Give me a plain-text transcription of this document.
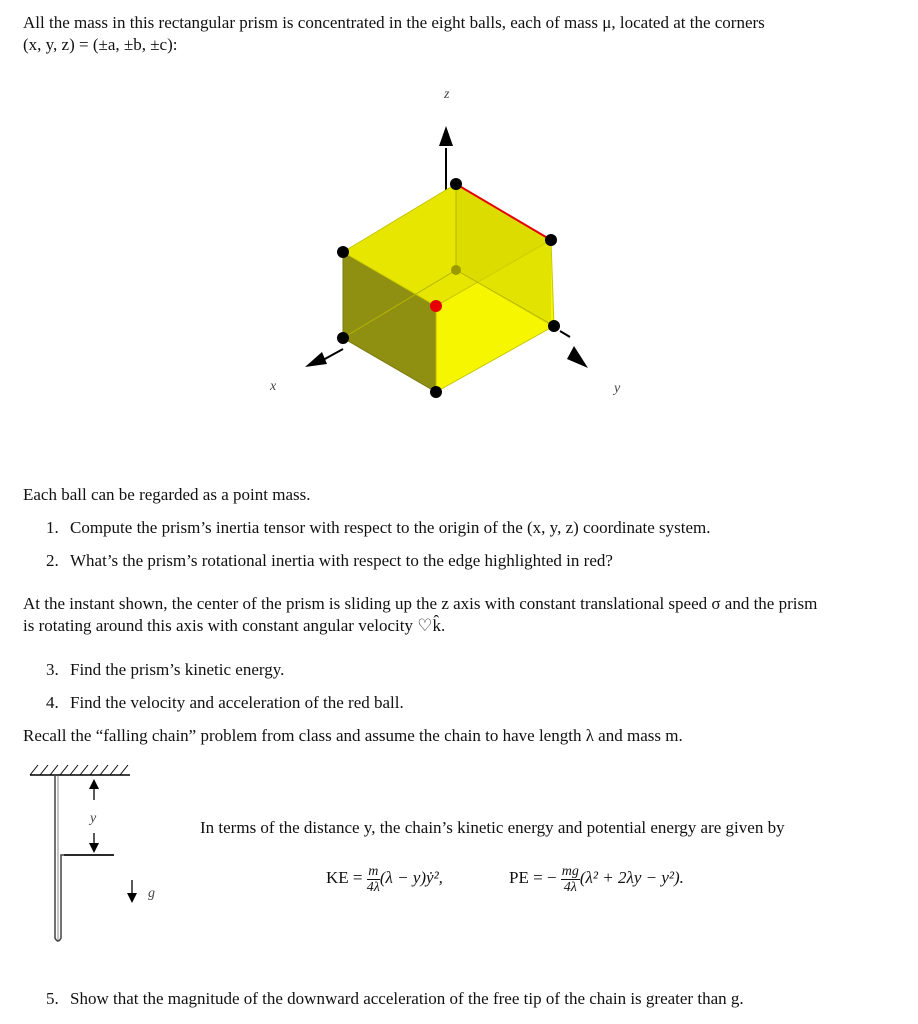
All the mass in this rectangular prism is concentrated in the eight balls, each of mass μ, located at the corners
(x, y, z) = (±a, ±b, ±c):
z
x	y
Each ball can be regarded as a point mass.
1. Compute the prism’s inertia tensor with respect to the origin of the (x, y, z) coordinate system.
2. What’s the prism’s rotational inertia with respect to the edge highlighted in red?
At the instant shown, the center of the prism is sliding up the z axis with constant translational speed σ and the prism
is rotating around this axis with constant angular velocity ♡k̂.
3. Find the prism’s kinetic energy.
4. Find the velocity and acceleration of the red ball.
Recall the “falling chain” problem from class and assume the chain to have length λ and mass m.
y
g
In terms of the distance y, the chain’s kinetic energy and potential energy are given by
KE = $\frac{m}{4\lambda} (\lambda$ − y)ẏ²,	PE = − $\frac{mg}{4\lambda} (\lambda^2 + 2\lambda y - y^2)$.
5. Show that the magnitude of the downward acceleration of the free tip of the chain is greater than g.
